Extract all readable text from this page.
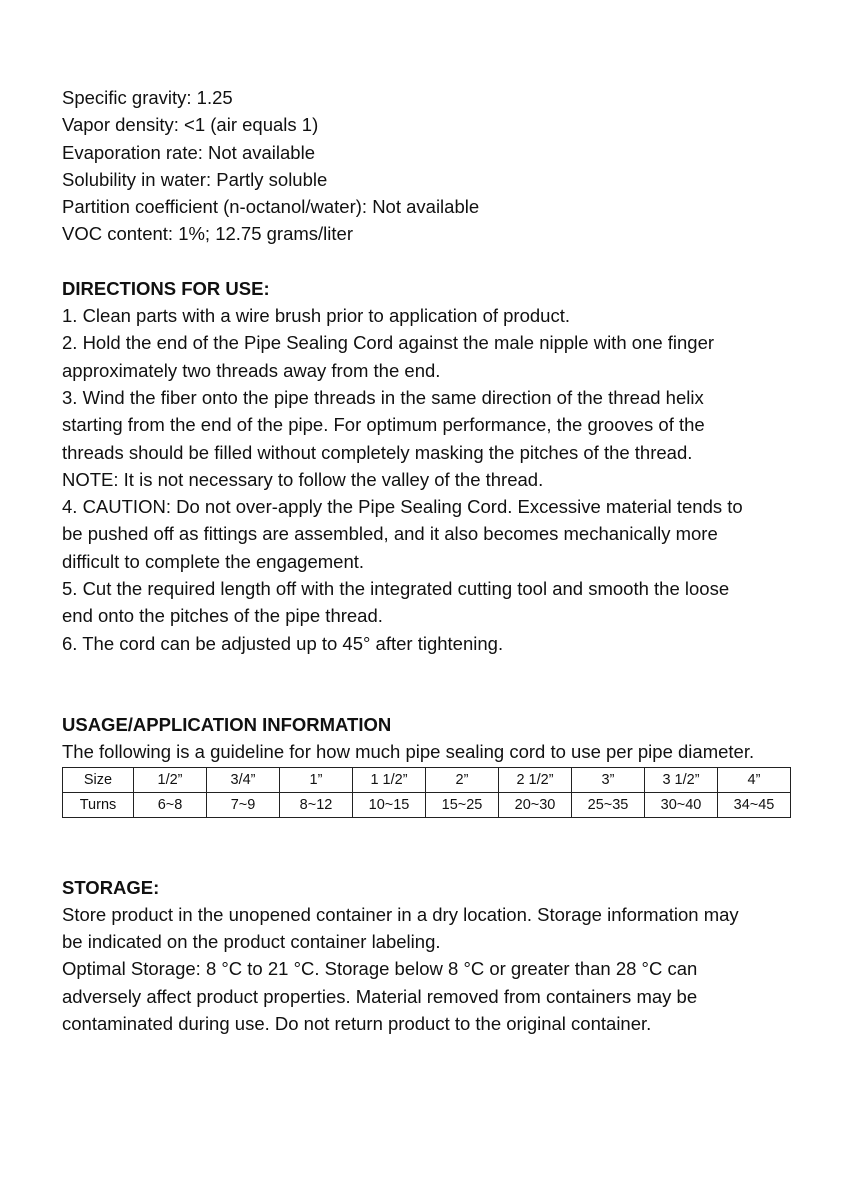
Specific gravity: 1.25
Vapor density: <1 (air equals 1)
Evaporation rate: Not available
Solubility in water: Partly soluble
Partition coefficient (n-octanol/water): Not available
VOC content: 1%; 12.75 grams/liter
DIRECTIONS FOR USE:
1. Clean parts with a wire brush prior to application of product.
2. Hold the end of the Pipe Sealing Cord against the male nipple with one finger
approximately two threads away from the end.
3. Wind the fiber onto the pipe threads in the same direction of the thread helix
starting from the end of the pipe. For optimum performance, the grooves of the
threads should be filled without completely masking the pitches of the thread.
NOTE: It is not necessary to follow the valley of the thread.
4. CAUTION: Do not over-apply the Pipe Sealing Cord. Excessive material tends to
be pushed off as fittings are assembled, and it also becomes mechanically more
difficult to complete the engagement.
5. Cut the required length off with the integrated cutting tool and smooth the loose
end onto the pitches of the pipe thread.
6. The cord can be adjusted up to 45° after tightening.
USAGE/APPLICATION INFORMATION
The following is a guideline for how much pipe sealing cord to use per pipe diameter.
Size	1/2”	3/4”	1”	1 1/2”	2”	2 1/2”	3”	3 1/2”	4”
Turns	6~8	7~9	8~12	10~15	15~25	20~30	25~35	30~40	34~45
STORAGE:
Store product in the unopened container in a dry location. Storage information may
be indicated on the product container labeling.
Optimal Storage: 8 °C to 21 °C. Storage below 8 °C or greater than 28 °C can
adversely affect product properties. Material removed from containers may be
contaminated during use. Do not return product to the original container.
